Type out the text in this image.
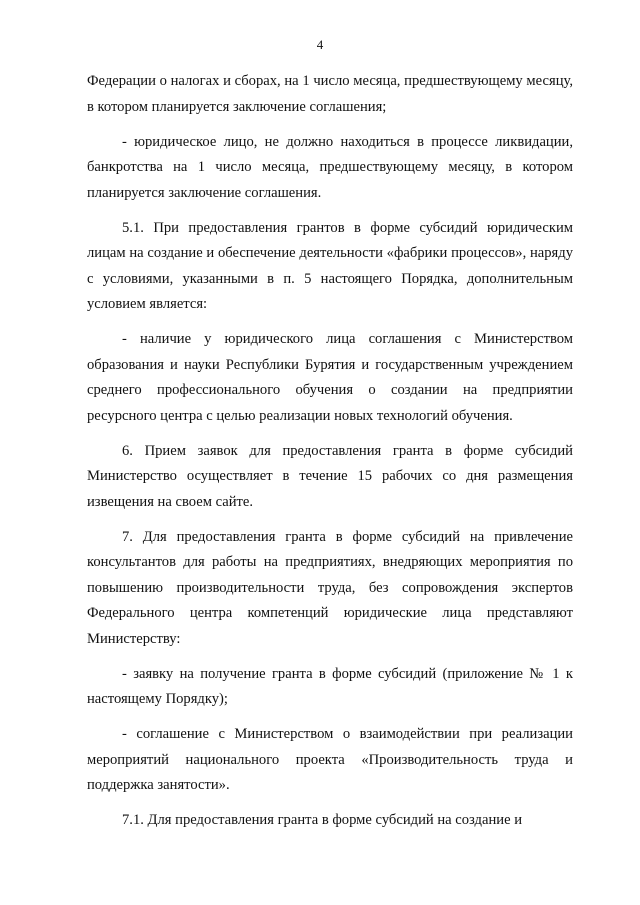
4

Федерации о налогах и сборах, на 1 число месяца, предшествующему месяцу, в котором планируется заключение соглашения;

- юридическое лицо, не должно находиться в процессе ликвидации, банкротства на 1 число месяца, предшествующему месяцу, в котором планируется заключение соглашения.

5.1. При предоставления грантов в форме субсидий юридическим лицам на создание и обеспечение деятельности «фабрики процессов», наряду с условиями, указанными в п. 5 настоящего Порядка, дополнительным условием является:

- наличие у юридического лица соглашения с Министерством образования и науки Республики Бурятия и государственным учреждением среднего профессионального обучения о создании на предприятии ресурсного центра с целью реализации новых технологий обучения.

6. Прием заявок для предоставления гранта в форме субсидий Министерство осуществляет в течение 15 рабочих со дня размещения извещения на своем сайте.

7. Для предоставления гранта в форме субсидий на привлечение консультантов для работы на предприятиях, внедряющих мероприятия по повышению производительности труда, без сопровождения экспертов Федерального центра компетенций юридические лица представляют Министерству:

- заявку на получение гранта в форме субсидий (приложение № 1 к настоящему Порядку);

- соглашение с Министерством о взаимодействии при реализации мероприятий национального проекта «Производительность труда и поддержка занятости».

7.1. Для предоставления гранта в форме субсидий на создание и
